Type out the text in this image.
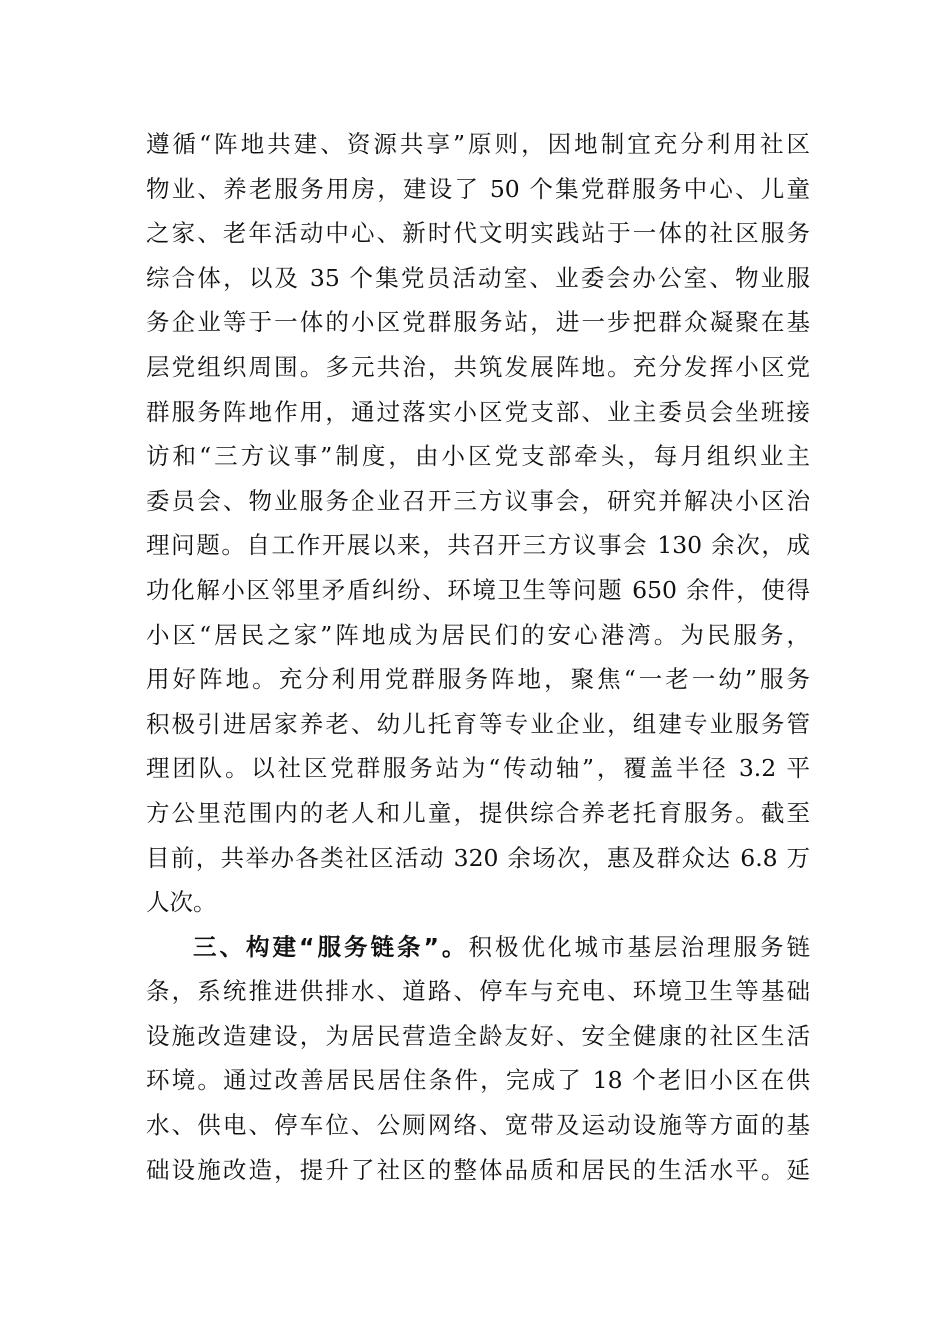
遵循“阵地共建、资源共享”原则，因地制宜充分利用社区
物业、养老服务用房，建设了 50 个集党群服务中心、儿童
之家、老年活动中心、新时代文明实践站于一体的社区服务
综合体，以及 35 个集党员活动室、业委会办公室、物业服
务企业等于一体的小区党群服务站，进一步把群众凝聚在基
层党组织周围。多元共治，共筑发展阵地。充分发挥小区党
群服务阵地作用，通过落实小区党支部、业主委员会坐班接
访和“三方议事”制度，由小区党支部牵头，每月组织业主
委员会、物业服务企业召开三方议事会，研究并解决小区治
理问题。自工作开展以来，共召开三方议事会 130 余次，成
功化解小区邻里矛盾纠纷、环境卫生等问题 650 余件，使得
小区“居民之家”阵地成为居民们的安心港湾。为民服务，
用好阵地。充分利用党群服务阵地，聚焦“一老一幼”服务
积极引进居家养老、幼儿托育等专业企业，组建专业服务管
理团队。以社区党群服务站为“传动轴”，覆盖半径 3.2 平
方公里范围内的老人和儿童，提供综合养老托育服务。截至
目前，共举办各类社区活动 320 余场次，惠及群众达 6.8 万
人次。
三、构建“服务链条”。积极优化城市基层治理服务链
条，系统推进供排水、道路、停车与充电、环境卫生等基础
设施改造建设，为居民营造全龄友好、安全健康的社区生活
环境。通过改善居民居住条件，完成了 18 个老旧小区在供
水、供电、停车位、公厕网络、宽带及运动设施等方面的基
础设施改造，提升了社区的整体品质和居民的生活水平。延
